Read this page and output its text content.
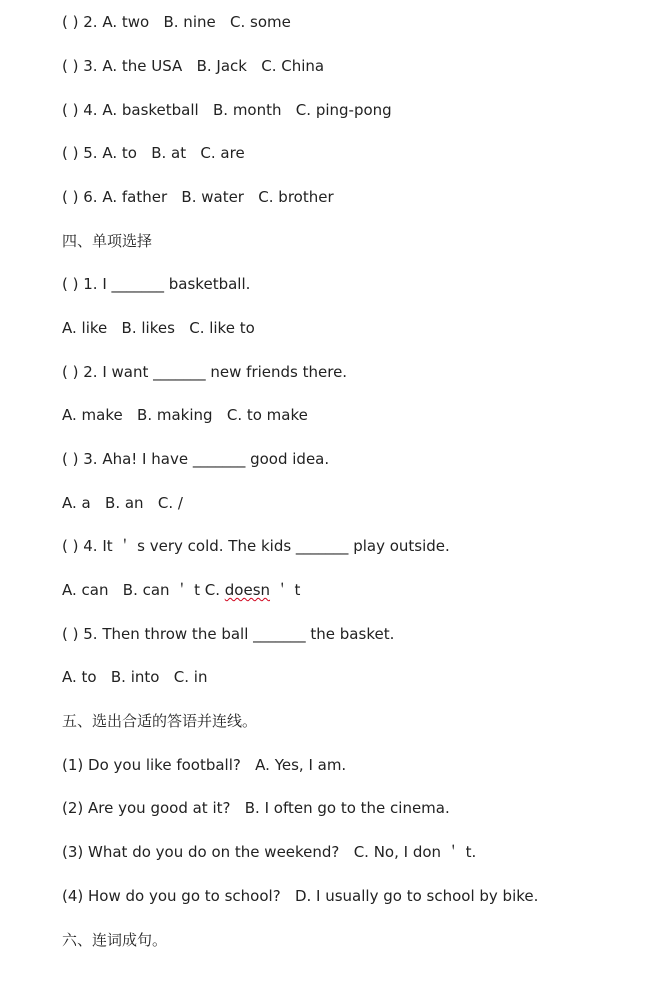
( ) 2. A. two   B. nine   C. some
( ) 3. A. the USA   B. Jack   C. China
( ) 4. A. basketball   B. month   C. ping-pong
( ) 5. A. to   B. at   C. are
( ) 6. A. father   B. water   C. brother
四、单项选择
( ) 1. I _______ basketball.
A. like   B. likes   C. like to
( ) 2. I want _______ new friends there.
A. make   B. making   C. to make
( ) 3. Aha! I have _______ good idea.
A. a   B. an   C. /
( ) 4. It ＇ s very cold. The kids _______ play outside.
A. can   B. can ＇ t C. doesn ＇ t
( ) 5. Then throw the ball _______ the basket.
A. to   B. into   C. in
五、选出合适的答语并连线。
(1) Do you like football?   A. Yes, I am.
(2) Are you good at it?   B. I often go to the cinema.
(3) What do you do on the weekend?   C. No, I don ＇ t.
(4) How do you go to school?   D. I usually go to school by bike.
六、连词成句。
